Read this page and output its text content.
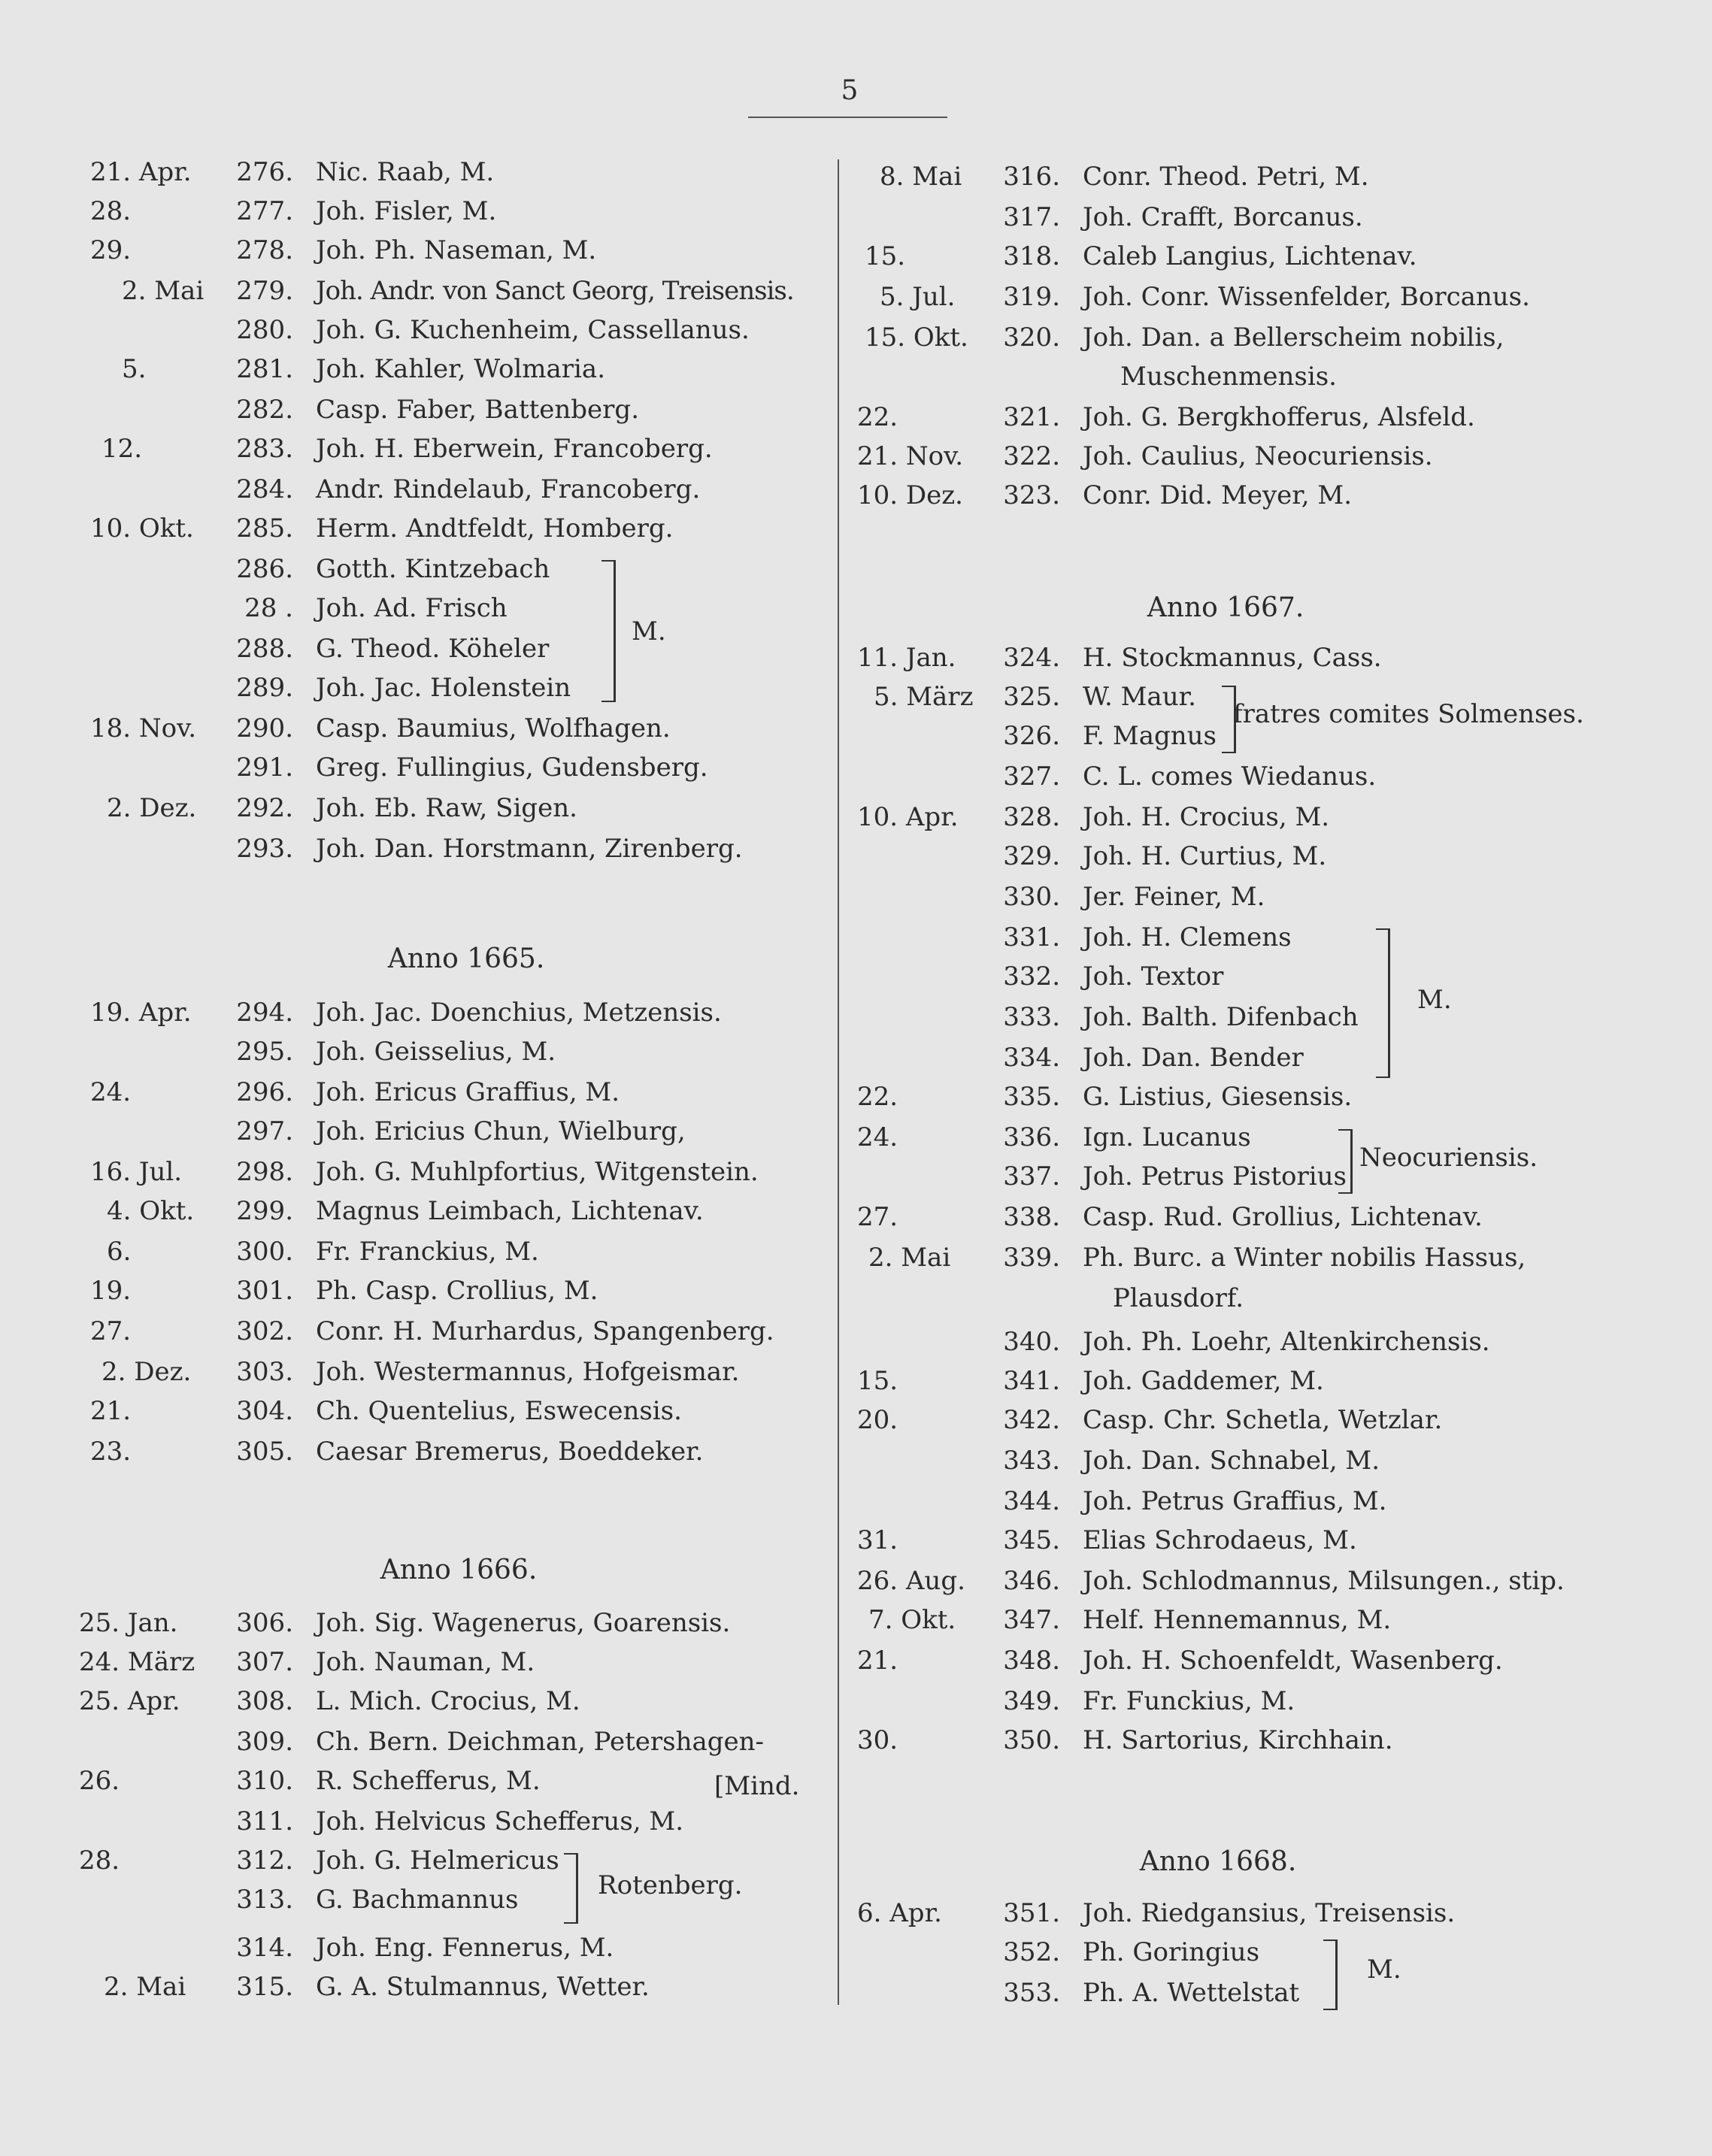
5
21. Apr.	276. Nic. Raab, M.
28.	277. Joh. Fisler, M.
29.	278. Joh. Ph. Naseman, M.
2. Mai	279. Joh. Andr. von Sanct Georg, Treisensis.
280. Joh. G. Kuchenheim, Cassellanus.
5.	281. Joh. Kahler, Wolmaria.
282. Casp. Faber, Battenberg.
12.	283. Joh. H. Eberwein, Francoberg.
284. Andr. Rindelaub, Francoberg.
10. Okt.	285. Herm. Andtfeldt, Homberg.
286. Gotth. Kintzebach
28 . Joh. Ad. Frisch
288. G. Theod. Köheler
289. Joh. Jac. Holenstein
M.
18. Nov.	290. Casp. Baumius, Wolfhagen.
291. Greg. Fullingius, Gudensberg.
2. Dez.	292. Joh. Eb. Raw, Sigen.
293. Joh. Dan. Horstmann, Zirenberg.
Anno 1665.
19. Apr.	294. Joh. Jac. Doenchius, Metzensis.
295. Joh. Geisselius, M.
24.	296. Joh. Ericus Graffius, M.
297. Joh. Ericius Chun, Wielburg,
16. Jul.	298. Joh. G. Muhlpfortius, Witgenstein.
4. Okt.	299. Magnus Leimbach, Lichtenav.
6.	300. Fr. Franckius, M.
19.	301. Ph. Casp. Crollius, M.
27.	302. Conr. H. Murhardus, Spangenberg.
2. Dez.	303. Joh. Westermannus, Hofgeismar.
21.	304. Ch. Quentelius, Eswecensis.
23.	305. Caesar Bremerus, Boeddeker.
Anno 1666.
25. Jan.	306. Joh. Sig. Wagenerus, Goarensis.
24. März	307. Joh. Nauman, M.
25. Apr.	308. L. Mich. Crocius, M.
309. Ch. Bern. Deichman, Petershagen-
26.	310. R. Schefferus, M.	[Mind.
311. Joh. Helvicus Schefferus, M.
28.	312. Joh. G. Helmericus
313. G. Bachmannus	Rotenberg.
314. Joh. Eng. Fennerus, M.
2. Mai	315. G. A. Stulmannus, Wetter.
8. Mai	316. Conr. Theod. Petri, M.
317. Joh. Crafft, Borcanus.
15.	318. Caleb Langius, Lichtenav.
5. Jul.	319. Joh. Conr. Wissenfelder, Borcanus.
15. Okt.	320. Joh. Dan. a Bellerscheim nobilis,
Muschenmensis.
22.	321. Joh. G. Bergkhofferus, Alsfeld.
21. Nov.	322. Joh. Caulius, Neocuriensis.
10. Dez.	323. Conr. Did. Meyer, M.
Anno 1667.
11. Jan.	324. H. Stockmannus, Cass.
5. März	325. W. Maur.
326. F. Magnus
fratres comites Solmenses.
327. C. L. comes Wiedanus.
10. Apr.	328. Joh. H. Crocius, M.
329. Joh. H. Curtius, M.
330. Jer. Feiner, M.
331. Joh. H. Clemens
332. Joh. Textor
333. Joh. Balth. Difenbach
334. Joh. Dan. Bender
M.
22.	335. G. Listius, Giesensis.
24.	336. Ign. Lucanus
337. Joh. Petrus Pistorius
Neocuriensis.
27.	338. Casp. Rud. Grollius, Lichtenav.
2. Mai	339. Ph. Burc. a Winter nobilis Hassus,
Plausdorf.
340. Joh. Ph. Loehr, Altenkirchensis.
15.	341. Joh. Gaddemer, M.
20.	342. Casp. Chr. Schetla, Wetzlar.
343. Joh. Dan. Schnabel, M.
344. Joh. Petrus Graffius, M.
31.	345. Elias Schrodaeus, M.
26. Aug.	346. Joh. Schlodmannus, Milsungen., stip.
7. Okt.	347. Helf. Hennemannus, M.
21.	348. Joh. H. Schoenfeldt, Wasenberg.
349. Fr. Funckius, M.
30.	350. H. Sartorius, Kirchhain.
Anno 1668.
6. Apr.	351. Joh. Riedgansius, Treisensis.
352. Ph. Goringius
353. Ph. A. Wettelstat
M.
